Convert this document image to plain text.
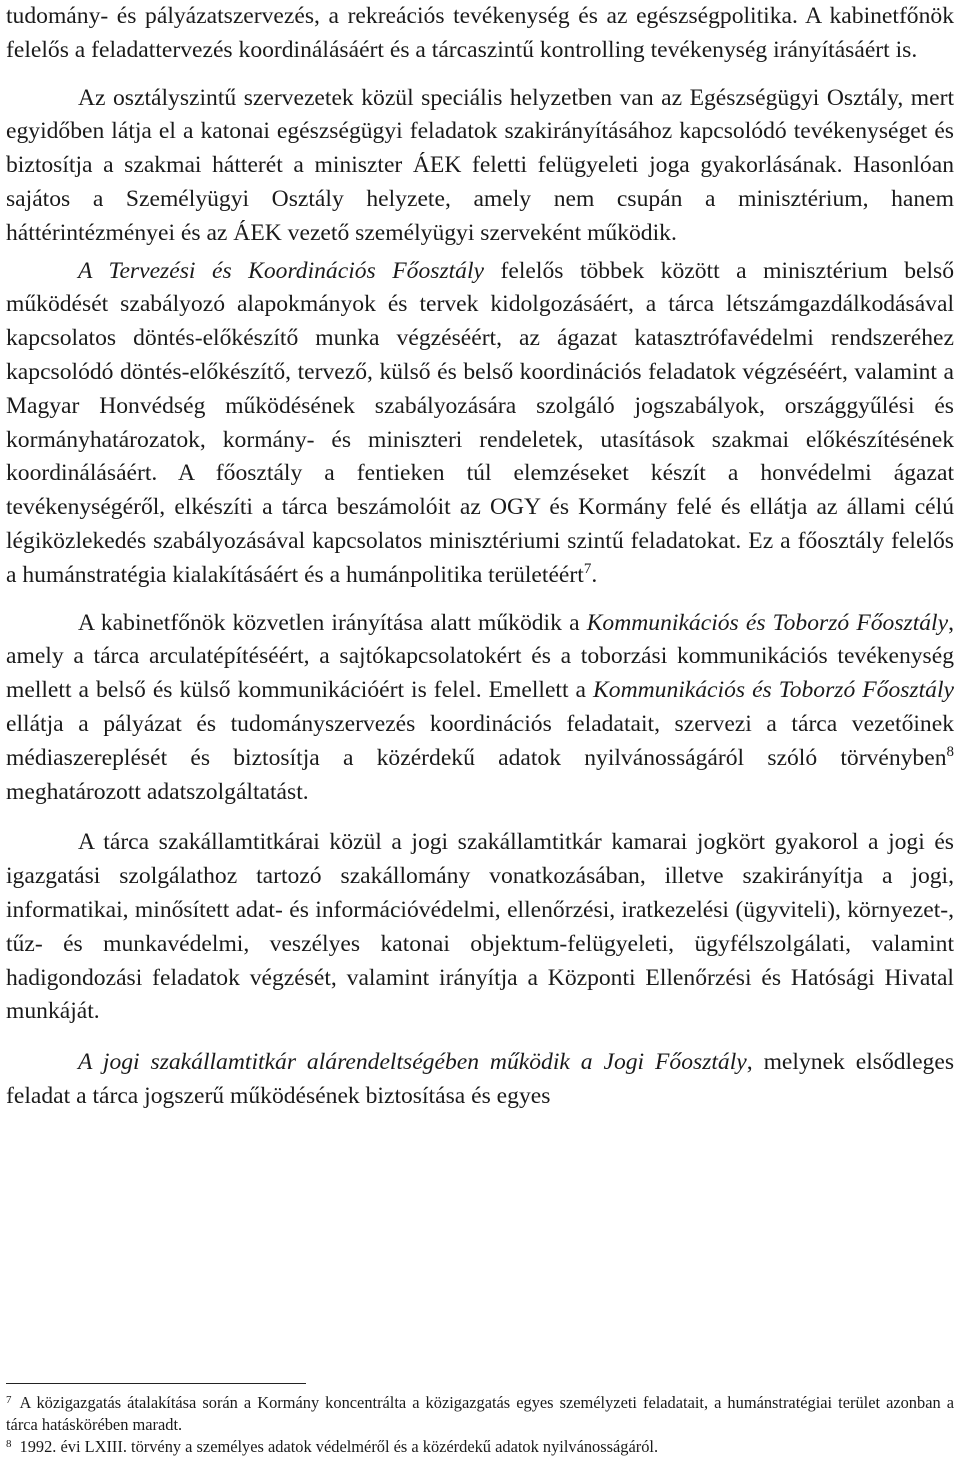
tudomány- és pályázatszervezés, a rekreációs tevékenység és az egészségpolitika. A kabinetfőnök felelős a feladattervezés koordinálásáért és a tárcaszintű kontrolling tevékenység irányításáért is.

Az osztályszintű szervezetek közül speciális helyzetben van az Egészségügyi Osztály, mert egyidőben látja el a katonai egészségügyi feladatok szakirányításához kapcsolódó tevékenységet és biztosítja a szakmai hátterét a miniszter ÁEK feletti felügyeleti joga gyakorlásának. Hasonlóan sajátos a Személyügyi Osztály helyzete, amely nem csupán a minisztérium, hanem háttérintézményei és az ÁEK vezető személyügyi szerveként működik.

A Tervezési és Koordinációs Főosztály felelős többek között a minisztérium belső működését szabályozó alapokmányok és tervek kidolgozásáért, a tárca létszámgazdálkodásával kapcsolatos döntés-előkészítő munka végzéséért, az ágazat katasztrófavédelmi rendszeréhez kapcsolódó döntés-előkészítő, tervező, külső és belső koordinációs feladatok végzéséért, valamint a Magyar Honvédség működésének szabályozására szolgáló jogszabályok, országgyűlési és kormányhatározatok, kormány- és miniszteri rendeletek, utasítások szakmai előkészítésének koordinálásáért. A főosztály a fentieken túl elemzéseket készít a honvédelmi ágazat tevékenységéről, elkészíti a tárca beszámolóit az OGY és Kormány felé és ellátja az állami célú légiközlekedés szabályozásával kapcsolatos minisztériumi szintű feladatokat. Ez a főosztály felelős a humánstratégia kialakításáért és a humánpolitika területéért$^7$.

A kabinetfőnök közvetlen irányítása alatt működik a Kommunikációs és Toborzó Főosztály, amely a tárca arculatépítéséért, a sajtókapcsolatokért és a toborzási kommunikációs tevékenység mellett a belső és külső kommunikációért is felel. Emellett a Kommunikációs és Toborzó Főosztály ellátja a pályázat és tudományszervezés koordinációs feladatait, szervezi a tárca vezetőinek médiaszereplését és biztosítja a közérdekű adatok nyilvánosságáról szóló törvényben$^8$ meghatározott adatszolgáltatást.

A tárca szakállamtitkárai közül a jogi szakállamtitkár kamarai jogkört gyakorol a jogi és igazgatási szolgálathoz tartozó szakállomány vonatkozásában, illetve szakirányítja a jogi, informatikai, minősített adat- és információvédelmi, ellenőrzési, iratkezelési (ügyviteli), környezet-, tűz- és munkavédelmi, veszélyes katonai objektum-felügyeleti, ügyfélszolgálati, valamint hadigondozási feladatok végzését, valamint irányítja a Központi Ellenőrzési és Hatósági Hivatal munkáját.

A jogi szakállamtitkár alárendeltségében működik a Jogi Főosztály, melynek elsődleges feladat a tárca jogszerű működésének biztosítása és egyes

$^7$ A közigazgatás átalakítása során a Kormány koncentrálta a közigazgatás egyes személyzeti feladatait, a humánstratégiai terület azonban a tárca hatáskörében maradt.

$^8$ 1992. évi LXIII. törvény a személyes adatok védelméről és a közérdekű adatok nyilvánosságáról.
